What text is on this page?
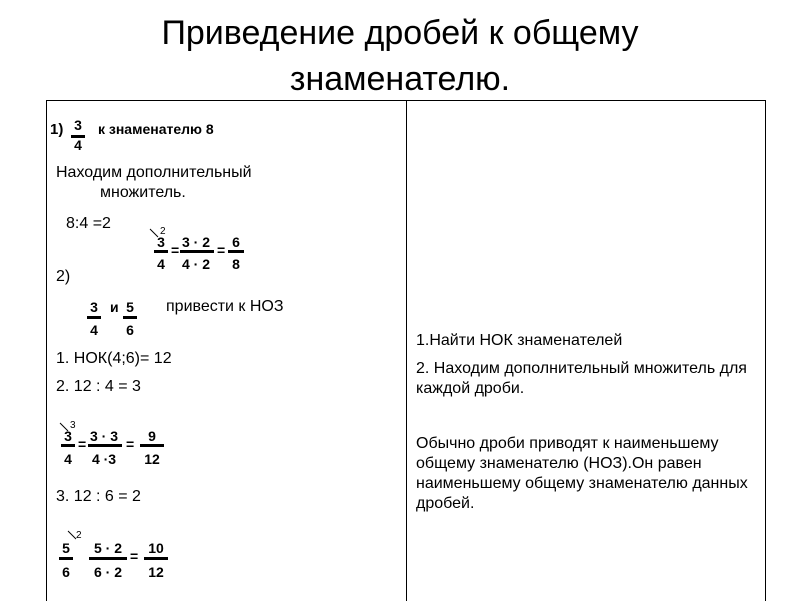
Приведение дробей к общему
знаменателю.
1) 3
4
к знаменателю 8
Находим дополнительный
множитель.
8:4 =2	2
3
4
= 3 · 2
4 · 2
= 6
8
2)
3
4
и 5
6
привести к НОЗ
1. НОК(4;6)= 12
2. 12 : 4 = 3
3
3
4
= 3 · 3
4 ·3
= 9
12
3. 12 : 6 = 2
2
5
6
5 · 2
6 · 2
= 10
12
1.Найти НОК знаменателей
2. Находим дополнительный множитель для каждой дроби.
Обычно дроби приводят к наименьшему общему знаменателю (НОЗ).Он равен наименьшему общему знаменателю данных дробей.
